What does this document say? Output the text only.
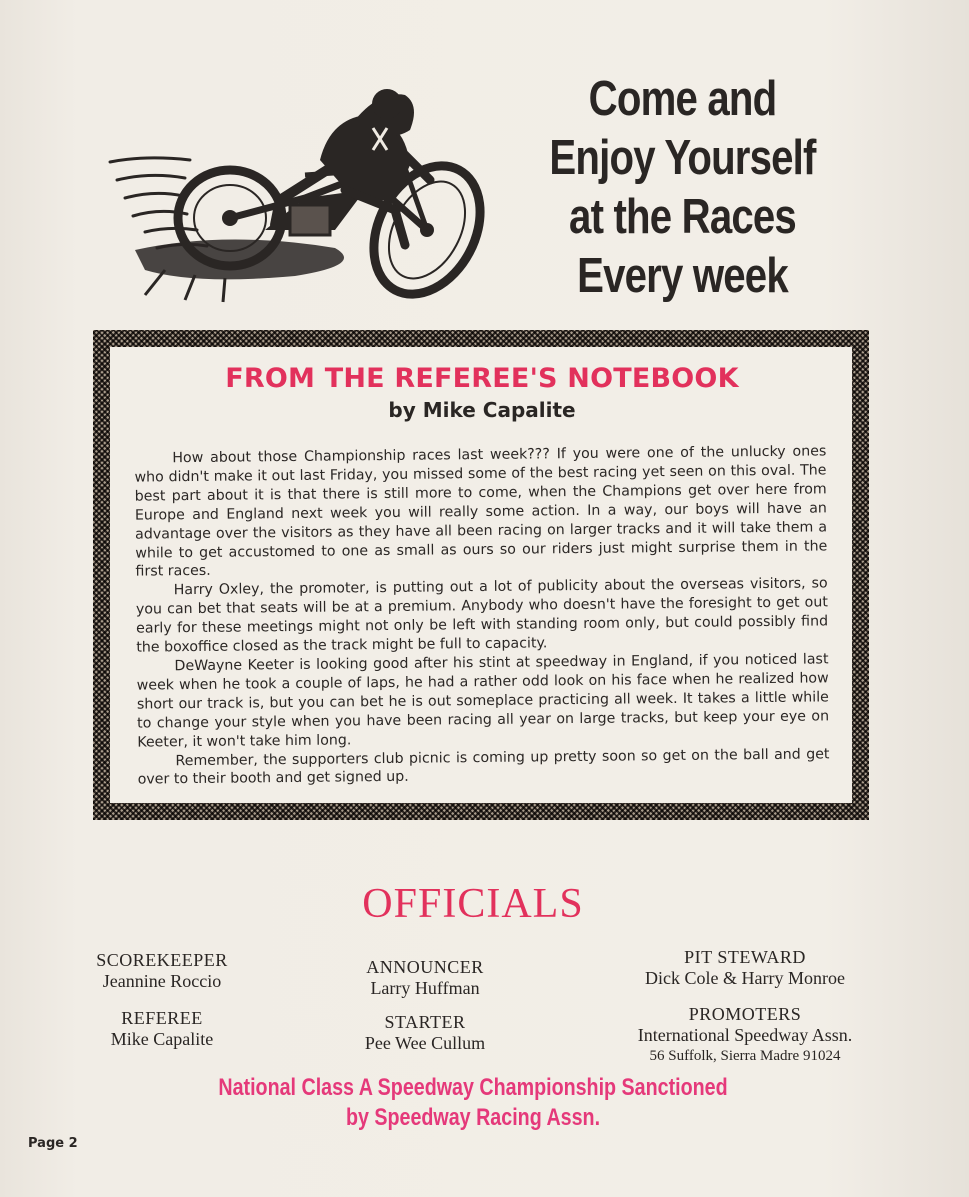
Come and
Enjoy Yourself
at the Races
Every week
FROM THE REFEREE'S NOTEBOOK
by Mike Capalite

How about those Championship races last week??? If you were one of the unlucky ones who didn't make it out last Friday, you missed some of the best racing yet seen on this oval. The best part about it is that there is still more to come, when the Champions get over here from Europe and England next week you will really some action. In a way, our boys will have an advantage over the visitors as they have all been racing on larger tracks and it will take them a while to get accustomed to one as small as ours so our riders just might surprise them in the first races.

Harry Oxley, the promoter, is putting out a lot of publicity about the overseas visitors, so you can bet that seats will be at a premium. Anybody who doesn't have the foresight to get out early for these meetings might not only be left with standing room only, but could possibly find the boxoffice closed as the track might be full to capacity.

DeWayne Keeter is looking good after his stint at speedway in England, if you noticed last week when he took a couple of laps, he had a rather odd look on his face when he realized how short our track is, but you can bet he is out someplace practicing all week. It takes a little while to change your style when you have been racing all year on large tracks, but keep your eye on Keeter, it won't take him long.

Remember, the supporters club picnic is coming up pretty soon so get on the ball and get over to their booth and get signed up.

OFFICIALS
SCOREKEEPER
Jeannine Roccio
REFEREE
Mike Capalite
ANNOUNCER
Larry Huffman
STARTER
Pee Wee Cullum
PIT STEWARD
Dick Cole & Harry Monroe
PROMOTERS
International Speedway Assn.
56 Suffolk, Sierra Madre 91024
National Class A Speedway Championship Sanctioned
by Speedway Racing Assn.
Page 2
